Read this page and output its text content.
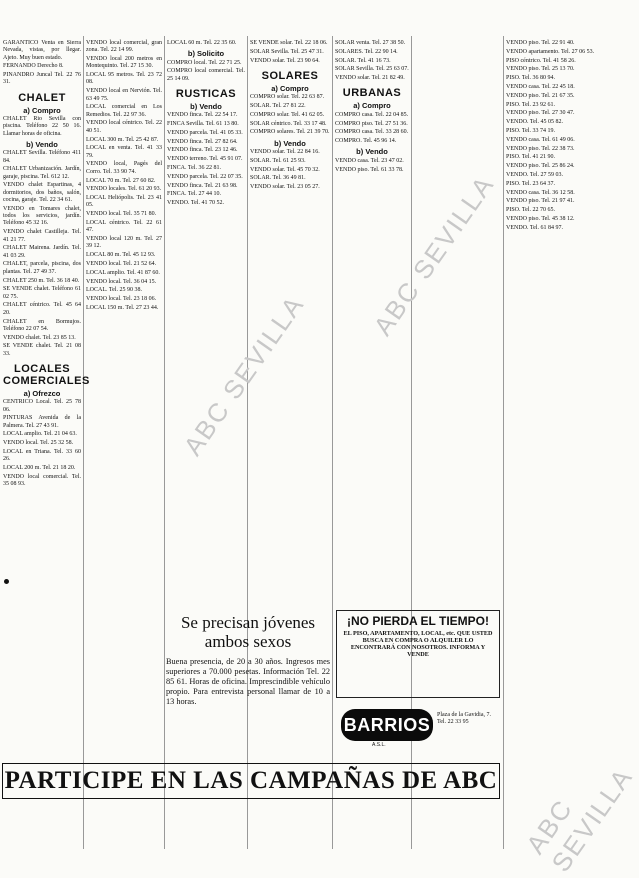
GARANTICO Venta en Sierra Nevada, vistas, por llegar. Ajeto. Muy buen estado.

FERNANDO Derecho 8.

PINANDRO Juncal Tel. 22 76 31.

CHALET
a) Compro

CHALET Rio Sevilla con piscina. Teléfono 22 50 16. Llamar horas de oficina.

b) Vendo

CHALET Sevilla. Teléfono 411 84.

CHALET Urbanización. Jardín, garaje, piscina. Tel. 612 12.

VENDO chalet Espartinas, 4 dormitorios, dos baños, salón, cocina, garaje. Tel. 22 34 61.

VENDO en Tomares chalet, todos los servicios, jardín. Teléfono 45 32 16.

VENDO chalet Castilleja. Tel. 41 21 77.

CHALET Mairena. Jardín. Tel. 41 03 29.

CHALET, parcela, piscina, dos plantas. Tel. 27 49 37.

CHALET 250 m. Tel. 36 18 40.

SE VENDE chalet. Teléfono 61 02 75.

CHALET céntrico. Tel. 45 64 20.

CHALET en Bormujos. Teléfono 22 07 54.

VENDO chalet. Tel. 23 85 13.

SE VENDE chalet. Tel. 21 08 33.

LOCALES COMERCIALES
a) Ofrezco

CENTRICO Local. Tel. 25 78 06.

PINTURAS Avenida de la Palmera. Tel. 27 43 91.

LOCAL amplio. Tel. 21 04 63.

VENDO local. Tel. 25 32 58.

LOCAL en Triana. Tel. 33 60 26.

LOCAL 200 m. Tel. 21 18 20.

VENDO local comercial. Tel. 35 08 93.

VENDO local comercial, gran zona. Tel. 22 14 99.

VENDO local 200 metros en Montequinto. Tel. 27 15 30.

LOCAL 95 metros. Tel. 23 72 08.

VENDO local en Nervión. Tel. 63 49 75.

LOCAL comercial en Los Remedios. Tel. 22 97 36.

VENDO local céntrico. Tel. 22 40 51.

LOCAL 300 m. Tel. 25 42 87.

LOCAL en venta. Tel. 41 33 79.

VENDO local, Pagés del Corro. Tel. 33 90 74.

LOCAL 70 m. Tel. 27 60 82.

VENDO locales. Tel. 61 20 93.

LOCAL Heliópolis. Tel. 23 41 05.

VENDO local. Tel. 35 71 80.

LOCAL céntrico. Tel. 22 61 47.

VENDO local 120 m. Tel. 27 39 12.

LOCAL 80 m. Tel. 45 12 93.

VENDO local. Tel. 21 52 64.

LOCAL amplio. Tel. 41 87 60.

VENDO local. Tel. 36 04 15.

LOCAL. Tel. 25 90 38.

VENDO local. Tel. 23 18 06.

LOCAL 150 m. Tel. 27 23 44.

LOCAL 60 m. Tel. 22 35 60.

b) Solicito

COMPRO local. Tel. 22 71 25.

COMPRO local comercial. Tel. 25 14 09.

RUSTICAS
b) Vendo

VENDO finca. Tel. 22 54 17.

FINCA Sevilla. Tel. 61 13 80.

VENDO parcela. Tel. 41 05 33.

VENDO finca. Tel. 27 82 64.

VENDO finca. Tel. 23 12 46.

VENDO terreno. Tel. 45 91 07.

FINCA. Tel. 36 22 81.

VENDO parcela. Tel. 22 07 35.

VENDO finca. Tel. 21 63 98.

FINCA. Tel. 27 44 10.

VENDO. Tel. 41 70 52.

SE VENDE solar. Tel. 22 18 06.

SOLAR Sevilla. Tel. 25 47 31.

VENDO solar. Tel. 23 90 64.

SOLARES
a) Compro

COMPRO solar. Tel. 22 63 87.

SOLAR. Tel. 27 81 22.

COMPRO solar. Tel. 41 62 05.

SOLAR céntrico. Tel. 33 17 48.

COMPRO solares. Tel. 21 39 70.

b) Vendo

VENDO solar. Tel. 22 84 16.

SOLAR. Tel. 61 25 93.

VENDO solar. Tel. 45 70 32.

SOLAR. Tel. 36 49 81.

VENDO solar. Tel. 23 05 27.

SOLAR venta. Tel. 27 38 50.

SOLARES. Tel. 22 90 14.

SOLAR. Tel. 41 16 73.

SOLAR Sevilla. Tel. 25 63 07.

VENDO solar. Tel. 21 82 49.

URBANAS
a) Compro

COMPRO casa. Tel. 22 04 85.

COMPRO piso. Tel. 27 51 36.

COMPRO casa. Tel. 33 28 60.

COMPRO. Tel. 45 96 14.

b) Vendo

VENDO casa. Tel. 23 47 02.

VENDO piso. Tel. 61 33 78.

VENDO piso. Tel. 22 91 40.

VENDO apartamento. Tel. 27 06 53.

PISO céntrico. Tel. 41 58 26.

VENDO piso. Tel. 25 13 70.

PISO. Tel. 36 80 94.

VENDO casa. Tel. 22 45 18.

VENDO piso. Tel. 21 67 35.

PISO. Tel. 23 92 61.

VENDO piso. Tel. 27 30 47.

VENDO. Tel. 45 05 82.

PISO. Tel. 33 74 19.

VENDO casa. Tel. 61 49 06.

VENDO piso. Tel. 22 38 73.

PISO. Tel. 41 21 90.

VENDO piso. Tel. 25 86 24.

VENDO. Tel. 27 59 03.

PISO. Tel. 23 64 37.

VENDO casa. Tel. 36 12 58.

VENDO piso. Tel. 21 97 41.

PISO. Tel. 22 70 65.

VENDO piso. Tel. 45 38 12.

VENDO. Tel. 61 84 97.

Se precisan jóvenes ambos sexos

Buena presencia, de 20 a 30 años. Ingresos mes superiores a 70.000 pesetas. Información Tel. 22 85 61. Horas de oficina. Imprescindible vehículo propio. Para entrevista personal llamar de 10 a 13 horas.

¡NO PIERDA EL TIEMPO!
EL PISO, APARTAMENTO, LOCAL, etc. QUE USTED BUSCA EN COMPRA O ALQUILER LO ENCONTRARÁ CON NOSOTROS. INFORMA Y VENDE
BARRIOS
A.S.L.
Plaza de la Gavidia, 7. Tel. 22 33 95
PARTICIPE EN LAS CAMPAÑAS DE ABC
ABC SEVILLA
ABC SEVILLA
ABC SEVILLA
